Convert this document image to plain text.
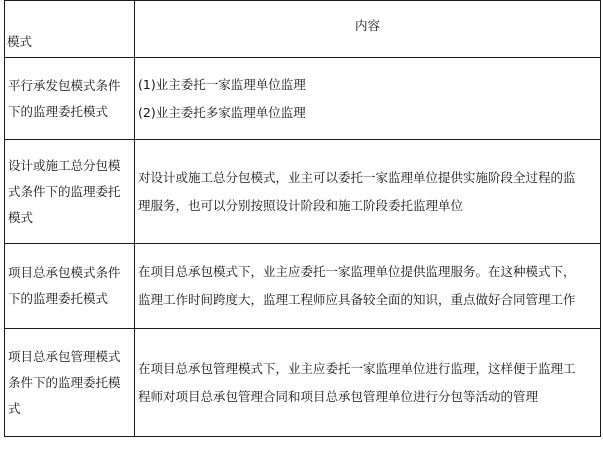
模式	内容

平行承发包模式条件
下的监理委托模式	(1)业主委托一家监理单位监理
(2)业主委托多家监理单位监理

设计或施工总分包模
式条件下的监理委托
模式	对设计或施工总分包模式，业主可以委托一家监理单位提供实施阶段全过程的监
理服务，也可以分别按照设计阶段和施工阶段委托监理单位

项目总承包模式条件
下的监理委托模式	在项目总承包模式下，业主应委托一家监理单位提供监理服务。在这种模式下，
监理工作时间跨度大，监理工程师应具备较全面的知识，重点做好合同管理工作

项目总承包管理模式
条件下的监理委托模
式	在项目总承包管理模式下，业主应委托一家监理单位进行监理，这样便于监理工
程师对项目总承包管理合同和项目总承包管理单位进行分包等活动的管理
